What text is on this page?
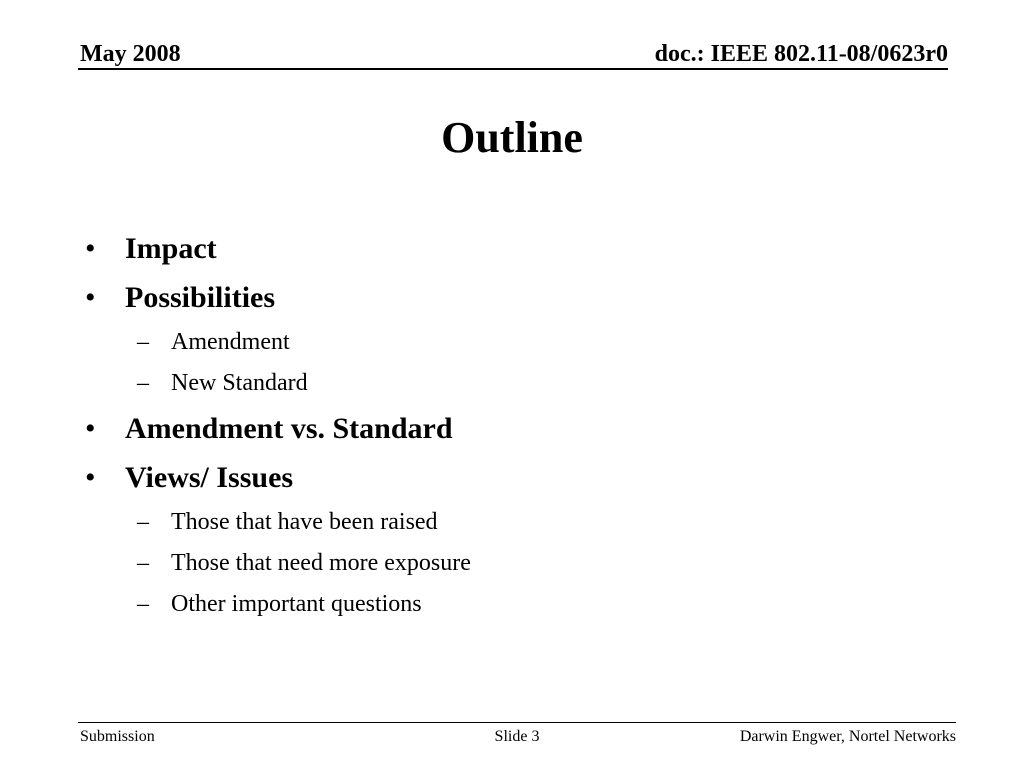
May 2008	doc.: IEEE 802.11-08/0623r0
Outline
• Impact
• Possibilities
– Amendment
– New Standard
• Amendment vs. Standard
• Views/ Issues
– Those that have been raised
– Those that need more exposure
– Other important questions
Submission	Slide 3	Darwin Engwer, Nortel Networks
